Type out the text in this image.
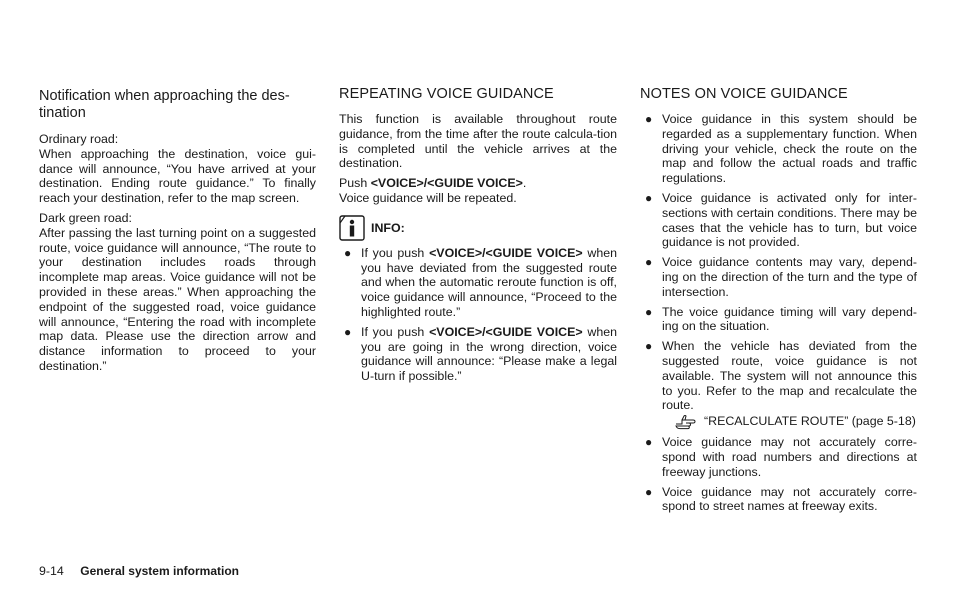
Notification when approaching the des-tination

Ordinary road:

When approaching the destination, voice gui-dance will announce, “You have arrived at your destination. Ending route guidance.” To finally reach your destination, refer to the map screen.

Dark green road:

After passing the last turning point on a suggested route, voice guidance will announce, “The route to your destination includes roads through incomplete map areas. Voice guidance will not be provided in these areas.” When approaching the endpoint of the suggested road, voice guidance will announce, “Entering the road with incomplete map data. Please use the direction arrow and distance information to proceed to your destination.”

REPEATING VOICE GUIDANCE

This function is available throughout route guidance, from the time after the route calcula-tion is completed until the vehicle arrives at the destination.

Push <VOICE>/<GUIDE VOICE>.

Voice guidance will be repeated.

INFO:
● If you push <VOICE>/<GUIDE VOICE> when you have deviated from the suggested route and when the automatic reroute function is off, voice guidance will announce, “Proceed to the highlighted route.”
● If you push <VOICE>/<GUIDE VOICE> when you are going in the wrong direction, voice guidance will announce: “Please make a legal U-turn if possible.”
NOTES ON VOICE GUIDANCE
● Voice guidance in this system should be regarded as a supplementary function. When driving your vehicle, check the route on the map and follow the actual roads and traffic regulations.
● Voice guidance is activated only for inter-sections with certain conditions. There may be cases that the vehicle has to turn, but voice guidance is not provided.
● Voice guidance contents may vary, depend-ing on the direction of the turn and the type of intersection.
● The voice guidance timing will vary depend-ing on the situation.
● When the vehicle has deviated from the suggested route, voice guidance is not available. The system will not announce this to you. Refer to the map and recalculate the route.
“RECALCULATE ROUTE” (page 5-18)
● Voice guidance may not accurately corre-spond with road numbers and directions at freeway junctions.
● Voice guidance may not accurately corre-spond to street names at freeway exits.
9-14 General system information
